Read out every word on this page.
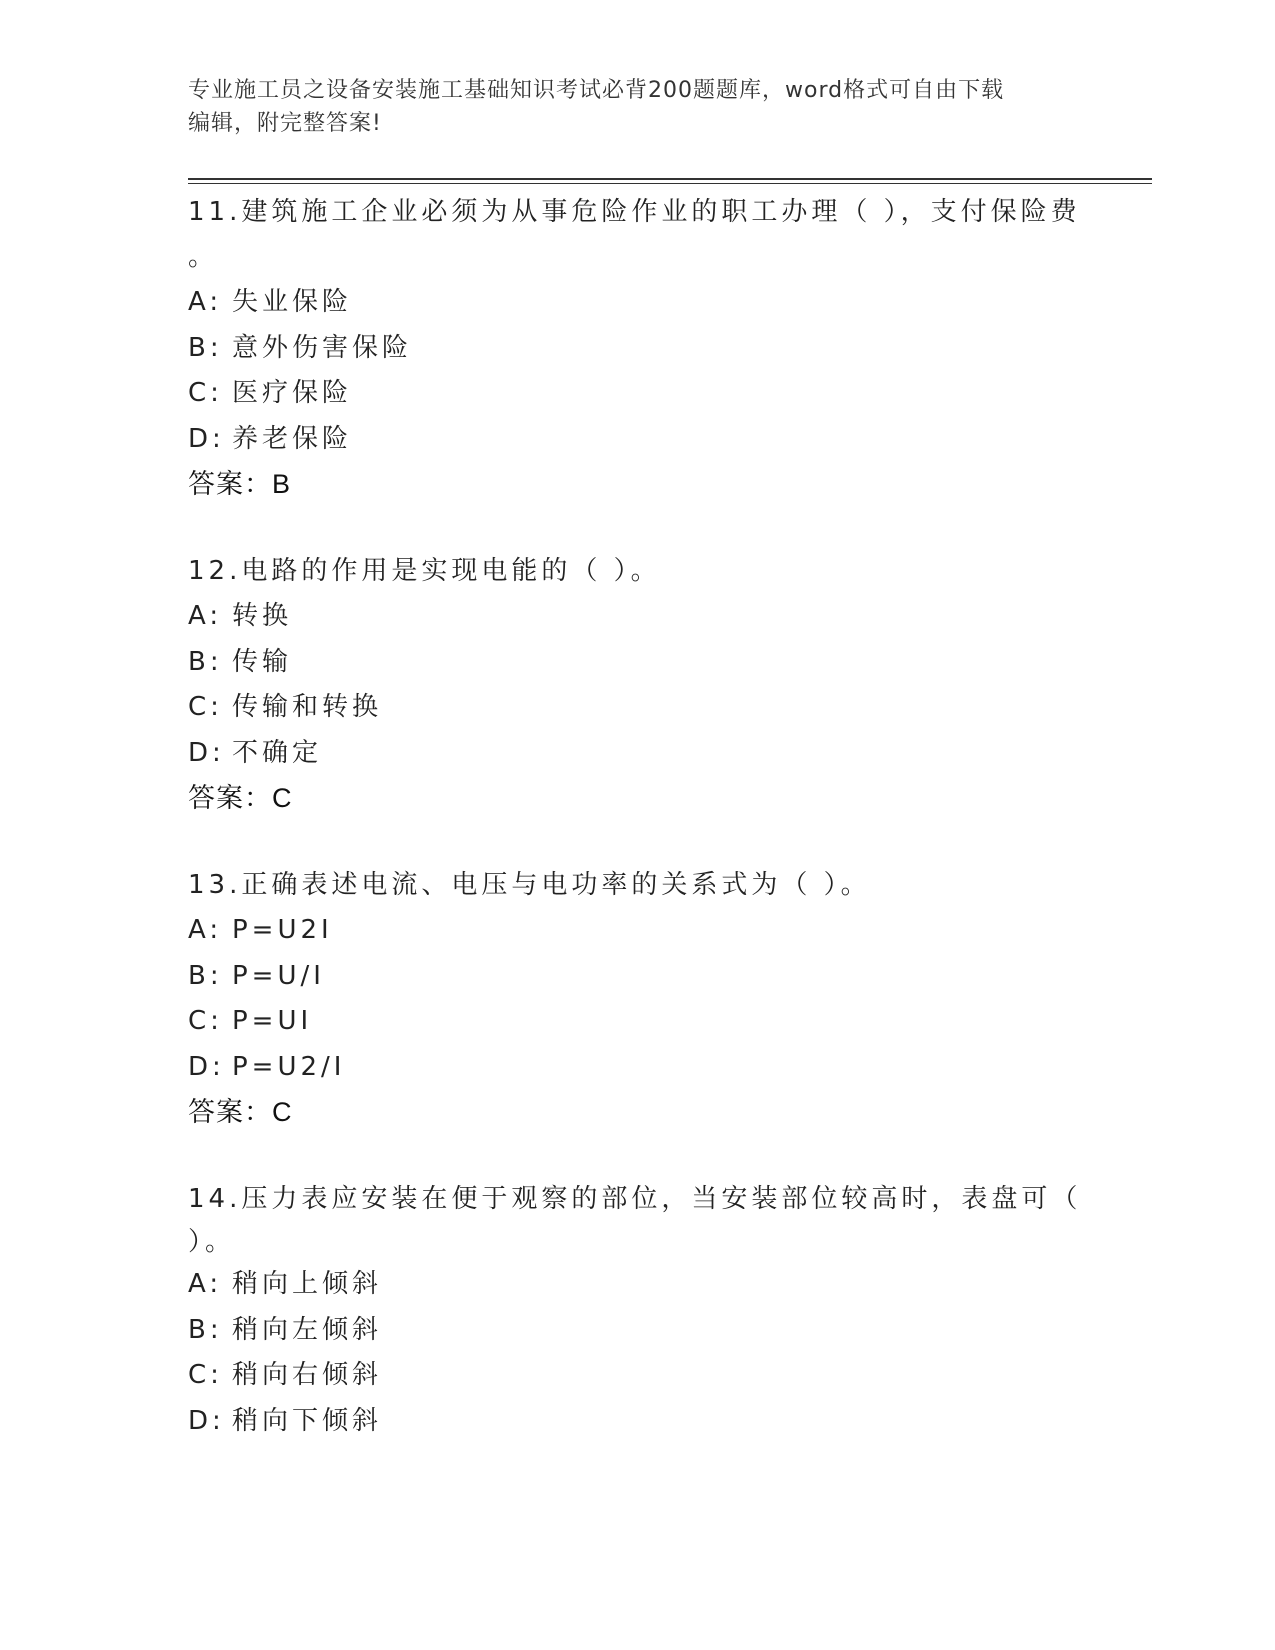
专业施工员之设备安装施工基础知识考试必背200题题库，word格式可自由下载
编辑，附完整答案!

11.建筑施工企业必须为从事危险作业的职工办理（ ），支付保险费

。

A: 失业保险
B: 意外伤害保险
C: 医疗保险
D: 养老保险

答案：B

12.电路的作用是实现电能的（ ）。

A: 转换
B: 传输
C: 传输和转换
D: 不确定

答案：C

13.正确表述电流、电压与电功率的关系式为（ ）。

A: P=U2I
B: P=U/I
C: P=UI
D: P=U2/I

答案：C

14.压力表应安装在便于观察的部位，当安装部位较高时，表盘可（

）。

A: 稍向上倾斜
B: 稍向左倾斜
C: 稍向右倾斜
D: 稍向下倾斜
